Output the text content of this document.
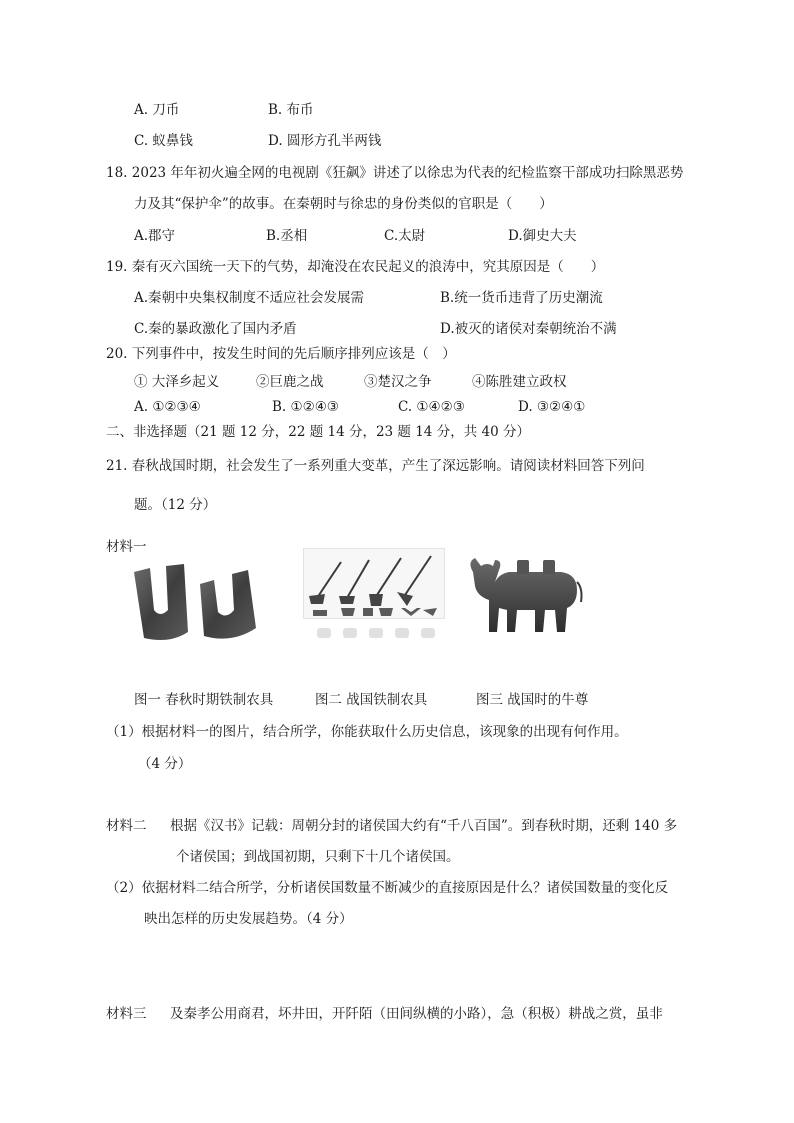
A. 刀币	B. 布币
C. 蚁鼻钱	D. 圆形方孔半两钱
18. 2023 年年初火遍全网的电视剧《狂飙》讲述了以徐忠为代表的纪检监察干部成功扫除黑恶势
力及其“保护伞”的故事。在秦朝时与徐忠的身份类似的官职是（　　）
A.郡守	B.丞相	C.太尉	D.御史大夫
19. 秦有灭六国统一天下的气势，却淹没在农民起义的浪涛中，究其原因是（　　）
A.秦朝中央集权制度不适应社会发展需	B.统一货币违背了历史潮流
C.秦的暴政激化了国内矛盾	D.被灭的诸侯对秦朝统治不满
20. 下列事件中，按发生时间的先后顺序排列应该是（　）
① 大泽乡起义	②巨鹿之战	③楚汉之争	④陈胜建立政权
A. ①②③④	B. ①②④③	C. ①④②③	D. ③②④①
二、非选择题（21 题 12 分，22 题 14 分，23 题 14 分，共 40 分）
21. 春秋战国时期，社会发生了一系列重大变革，产生了深远影响。请阅读材料回答下列问
题。（12 分）
材料一
图一 春秋时期铁制农具	图二 战国铁制农具	图三 战国时的牛尊
（1）根据材料一的图片，结合所学，你能获取什么历史信息，该现象的出现有何作用。
（4 分）
材料二 根据《汉书》记载：周朝分封的诸侯国大约有“千八百国”。到春秋时期，还剩 140 多
个诸侯国；到战国初期，只剩下十几个诸侯国。
（2）依据材料二结合所学，分析诸侯国数量不断减少的直接原因是什么？诸侯国数量的变化反
映出怎样的历史发展趋势。（4 分）
材料三 及秦孝公用商君，坏井田，开阡陌（田间纵横的小路），急（积极）耕战之赏，虽非
